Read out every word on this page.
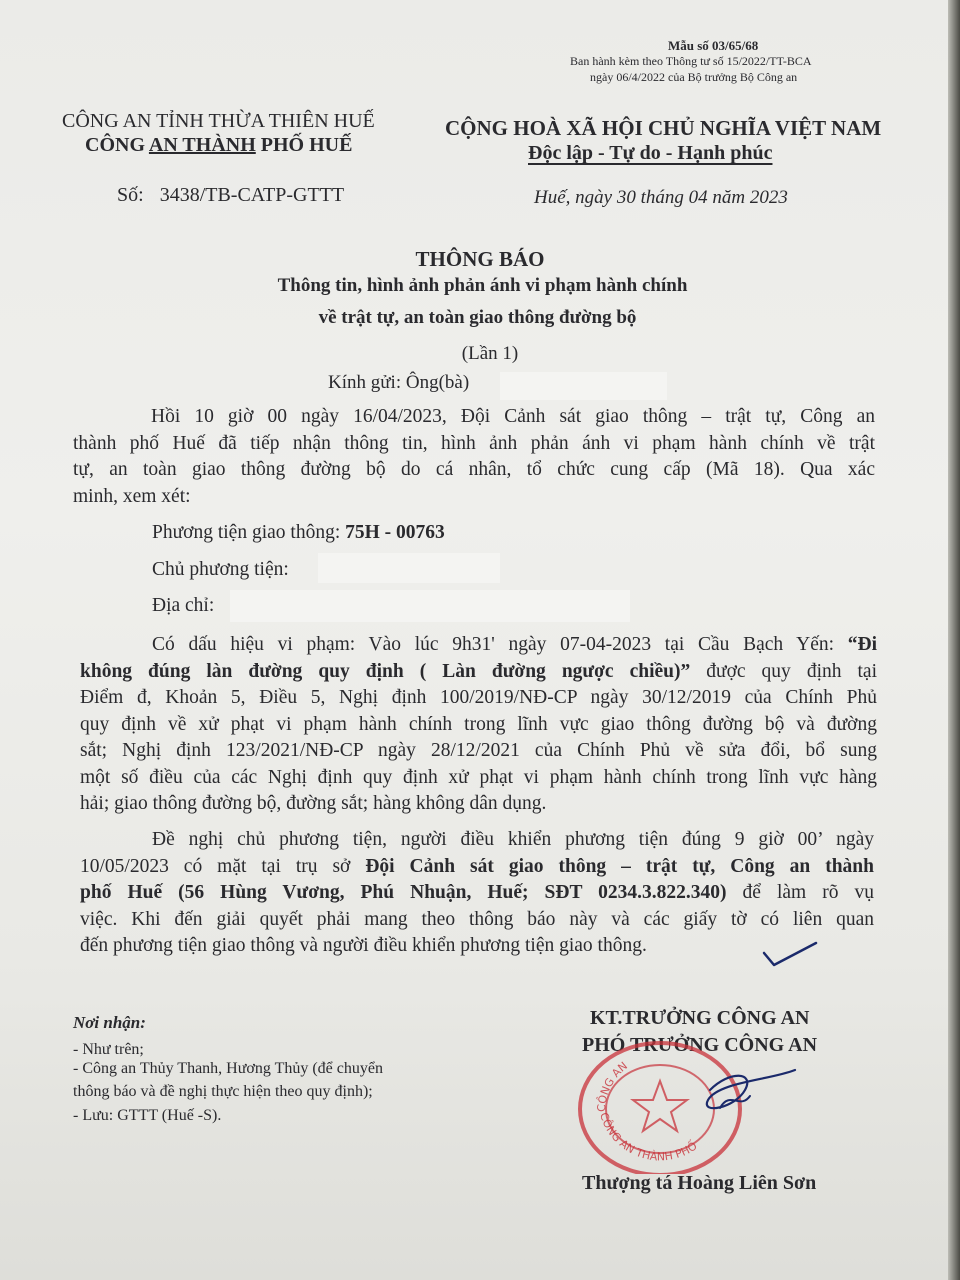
Mẫu số 03/65/68
Ban hành kèm theo Thông tư số 15/2022/TT-BCA
ngày 06/4/2022 của Bộ trưởng Bộ Công an
CÔNG AN TỈNH THỪA THIÊN HUẾ
CÔNG AN THÀNH PHỐ HUẾ
CỘNG HOÀ XÃ HỘI CHỦ NGHĨA VIỆT NAM
Độc lập - Tự do - Hạnh phúc
Số: 3438/TB-CATP-GTTT	Huế, ngày 30 tháng 04 năm 2023
THÔNG BÁO
Thông tin, hình ảnh phản ánh vi phạm hành chính
về trật tự, an toàn giao thông đường bộ
(Lần 1)
Kính gửi: Ông(bà)
Hồi 10 giờ 00 ngày 16/04/2023, Đội Cảnh sát giao thông – trật tự, Công an
thành phố Huế đã tiếp nhận thông tin, hình ảnh phản ánh vi phạm hành chính về trật
tự, an toàn giao thông đường bộ do cá nhân, tổ chức cung cấp (Mã 18). Qua xác
minh, xem xét:
Phương tiện giao thông: 75H - 00763
Chủ phương tiện:
Địa chỉ:
Có dấu hiệu vi phạm: Vào lúc 9h31' ngày 07-04-2023 tại Cầu Bạch Yến: “Đi
không đúng làn đường quy định ( Làn đường ngược chiều)” được quy định tại
Điểm đ, Khoản 5, Điều 5, Nghị định 100/2019/NĐ-CP ngày 30/12/2019 của Chính Phủ
quy định về xử phạt vi phạm hành chính trong lĩnh vực giao thông đường bộ và đường
sắt; Nghị định 123/2021/NĐ-CP ngày 28/12/2021 của Chính Phủ về sửa đổi, bổ sung
một số điều của các Nghị định quy định xử phạt vi phạm hành chính trong lĩnh vực hàng
hải; giao thông đường bộ, đường sắt; hàng không dân dụng.
Đề nghị chủ phương tiện, người điều khiển phương tiện đúng 9 giờ 00’ ngày
10/05/2023 có mặt tại trụ sở Đội Cảnh sát giao thông – trật tự, Công an thành
phố Huế (56 Hùng Vương, Phú Nhuận, Huế; SĐT 0234.3.822.340) để làm rõ vụ
việc. Khi đến giải quyết phải mang theo thông báo này và các giấy tờ có liên quan
đến phương tiện giao thông và người điều khiển phương tiện giao thông.
Nơi nhận:
- Như trên;
- Công an Thủy Thanh, Hương Thủy (để chuyển
thông báo và đề nghị thực hiện theo quy định);
- Lưu: GTTT (Huế -S).
KT.TRƯỞNG CÔNG AN
PHÓ TRƯỞNG CÔNG AN
CÔNG AN
CÔNG AN THÀNH PHỐ
Thượng tá Hoàng Liên Sơn
